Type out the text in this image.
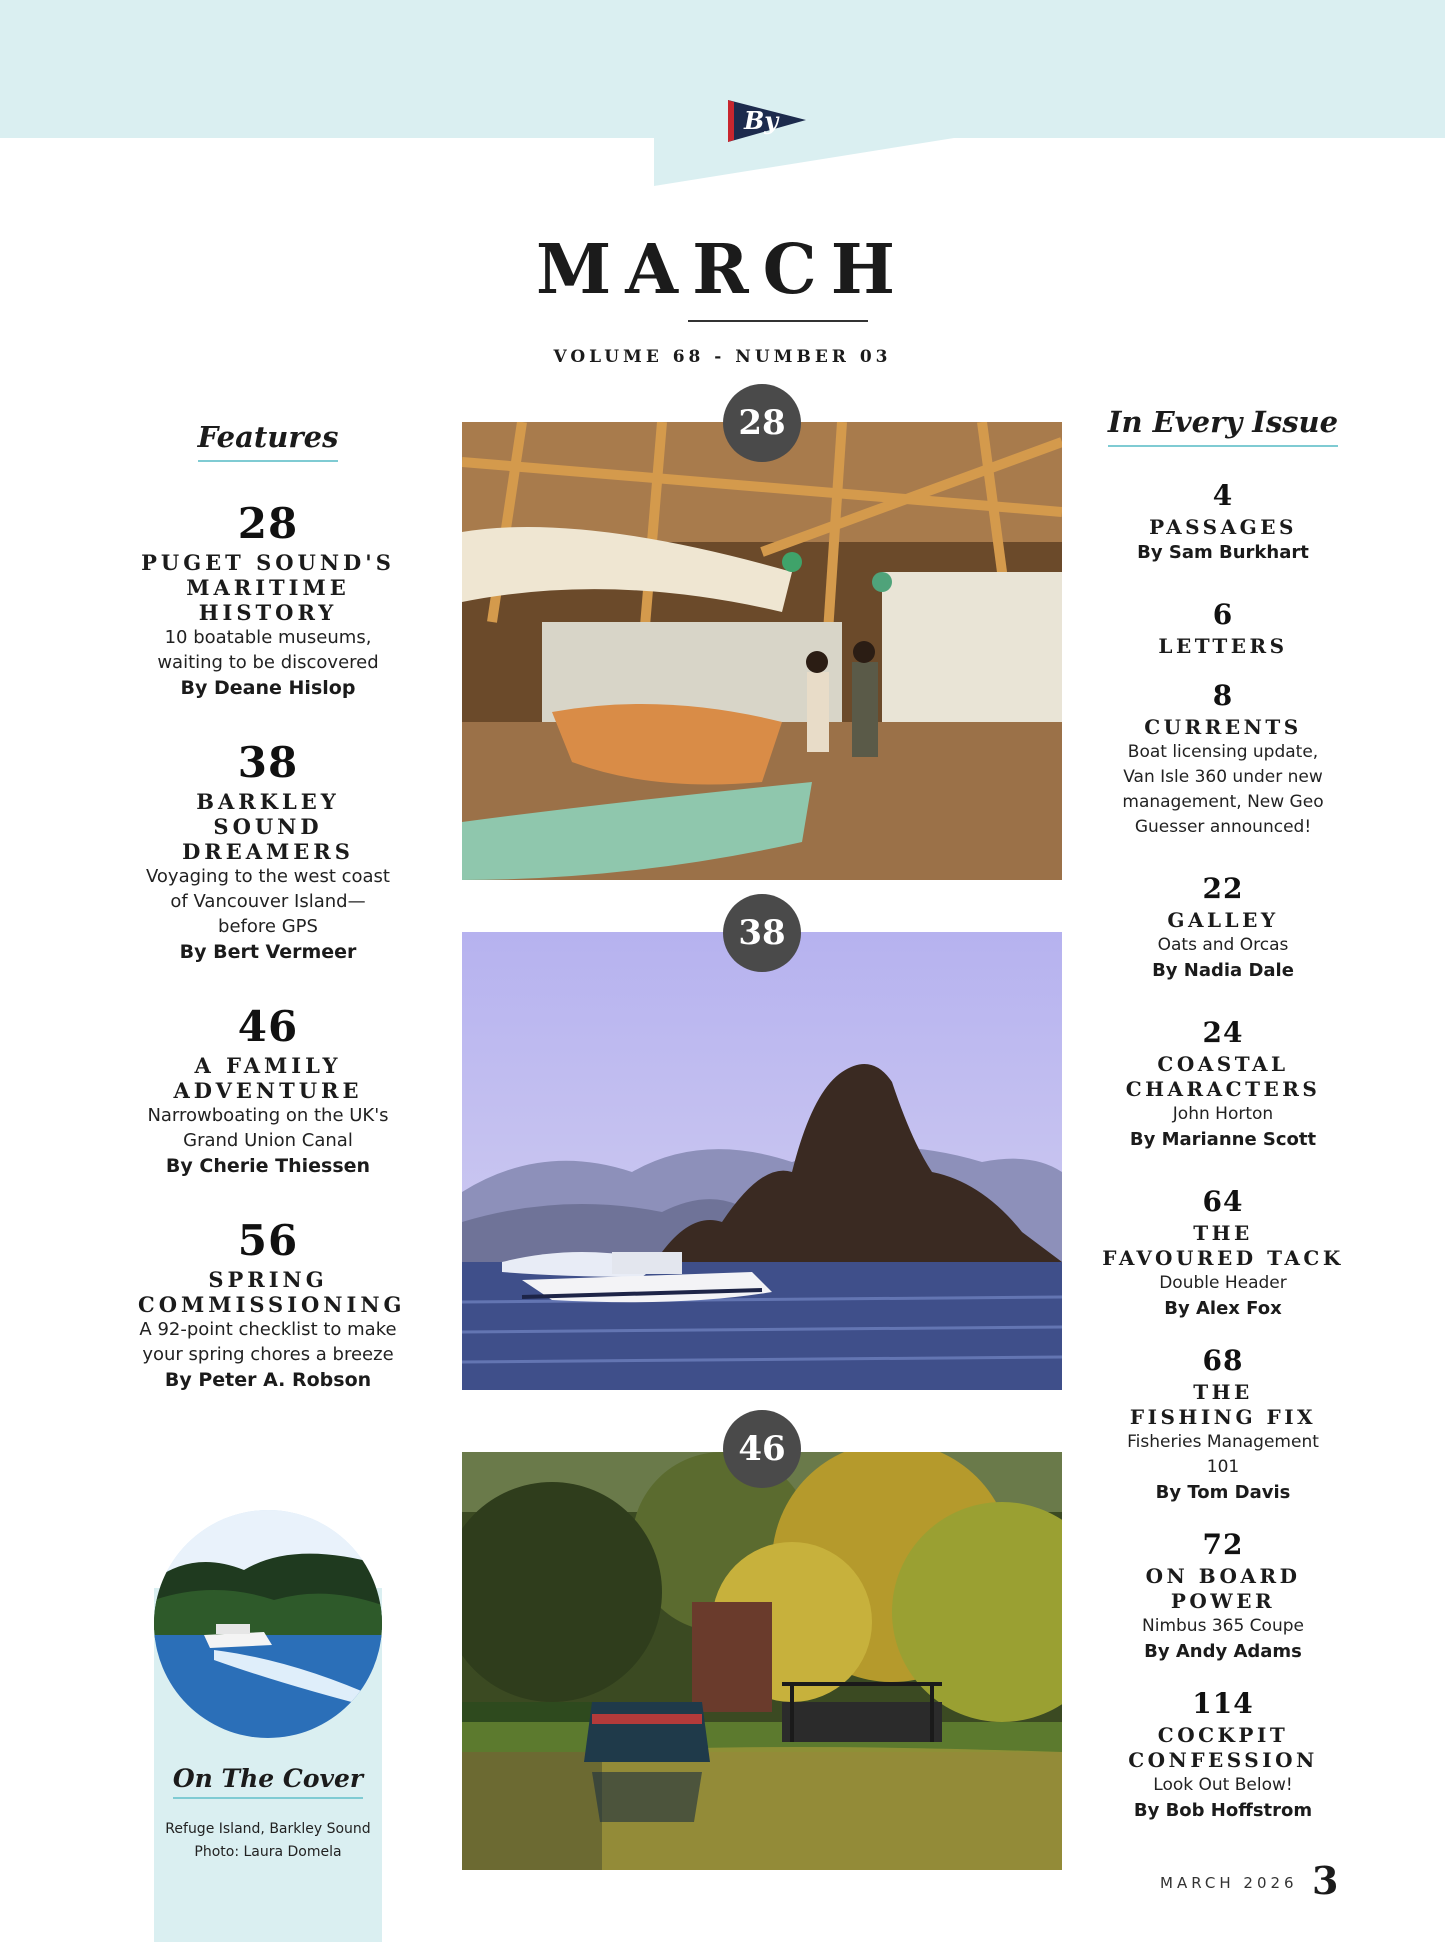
By
MARCH
VOLUME 68 - NUMBER 03
Features
28
PUGET SOUND'S
MARITIME
HISTORY
10 boatable museums,
waiting to be discovered
By Deane Hislop
38
BARKLEY SOUND
DREAMERS
Voyaging to the west coast
of Vancouver Island—
before GPS
By Bert Vermeer
46
A FAMILY
ADVENTURE
Narrowboating on the UK's
Grand Union Canal
By Cherie Thiessen
56
SPRING
COMMISSIONING
A 92-point checklist to make
your spring chores a breeze
By Peter A. Robson
28
38
46
In Every Issue
4
PASSAGES
By Sam Burkhart
6
LETTERS
8
CURRENTS
Boat licensing update,
Van Isle 360 under new
management, New Geo
Guesser announced!
22
GALLEY
Oats and Orcas
By Nadia Dale
24
COASTAL
CHARACTERS
John Horton
By Marianne Scott
64
THE
FAVOURED TACK
Double Header
By Alex Fox
68
THE
FISHING FIX
Fisheries Management
101
By Tom Davis
72
ON BOARD
POWER
Nimbus 365 Coupe
By Andy Adams
114
COCKPIT
CONFESSION
Look Out Below!
By Bob Hoffstrom
On The Cover
Refuge Island, Barkley Sound
Photo: Laura Domela
MARCH 2026 3
